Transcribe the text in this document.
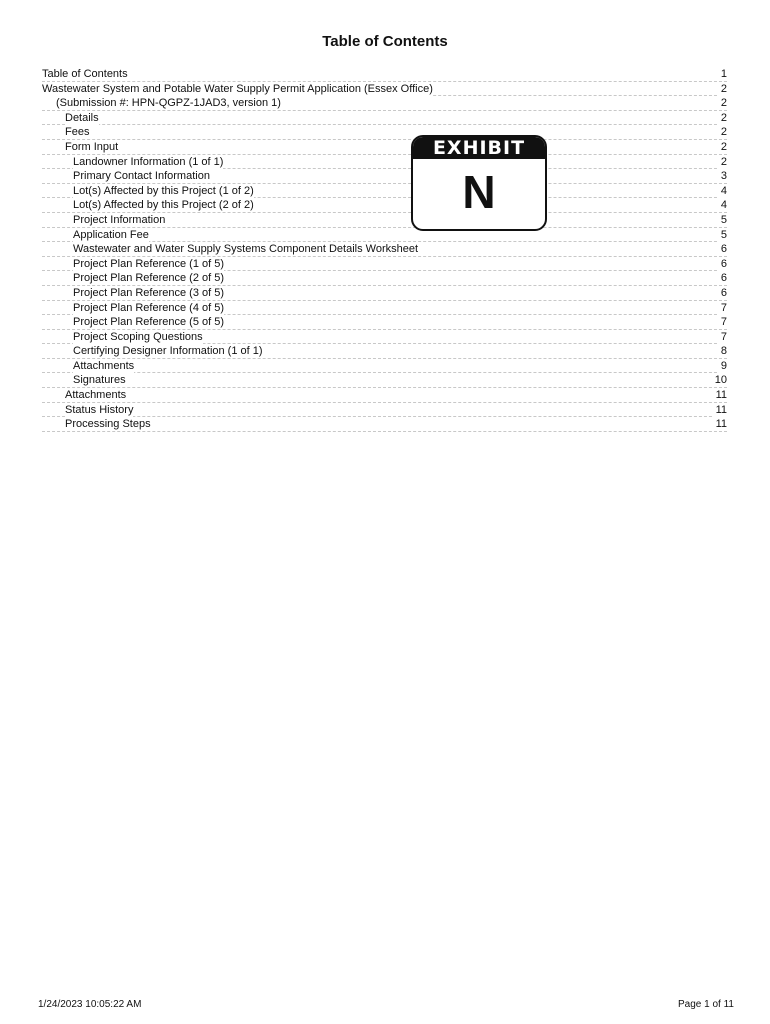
Table of Contents
Table of Contents	1
Wastewater System and Potable Water Supply Permit Application (Essex Office)	2
(Submission #: HPN-QGPZ-1JAD3, version 1)	2
Details	2
Fees	2
Form Input	2
Landowner Information (1 of 1)	2
Primary Contact Information	3
Lot(s) Affected by this Project (1 of 2)	4
Lot(s) Affected by this Project (2 of 2)	4
Project Information	5
Application Fee	5
Wastewater and Water Supply Systems Component Details Worksheet	6
Project Plan Reference (1 of 5)	6
Project Plan Reference (2 of 5)	6
Project Plan Reference (3 of 5)	6
Project Plan Reference (4 of 5)	7
Project Plan Reference (5 of 5)	7
Project Scoping Questions	7
Certifying Designer Information (1 of 1)	8
Attachments	9
Signatures	10
Attachments	11
Status History	11
Processing Steps	11
EXHIBIT
N
1/24/2023 10:05:22 AM	Page 1 of 11
